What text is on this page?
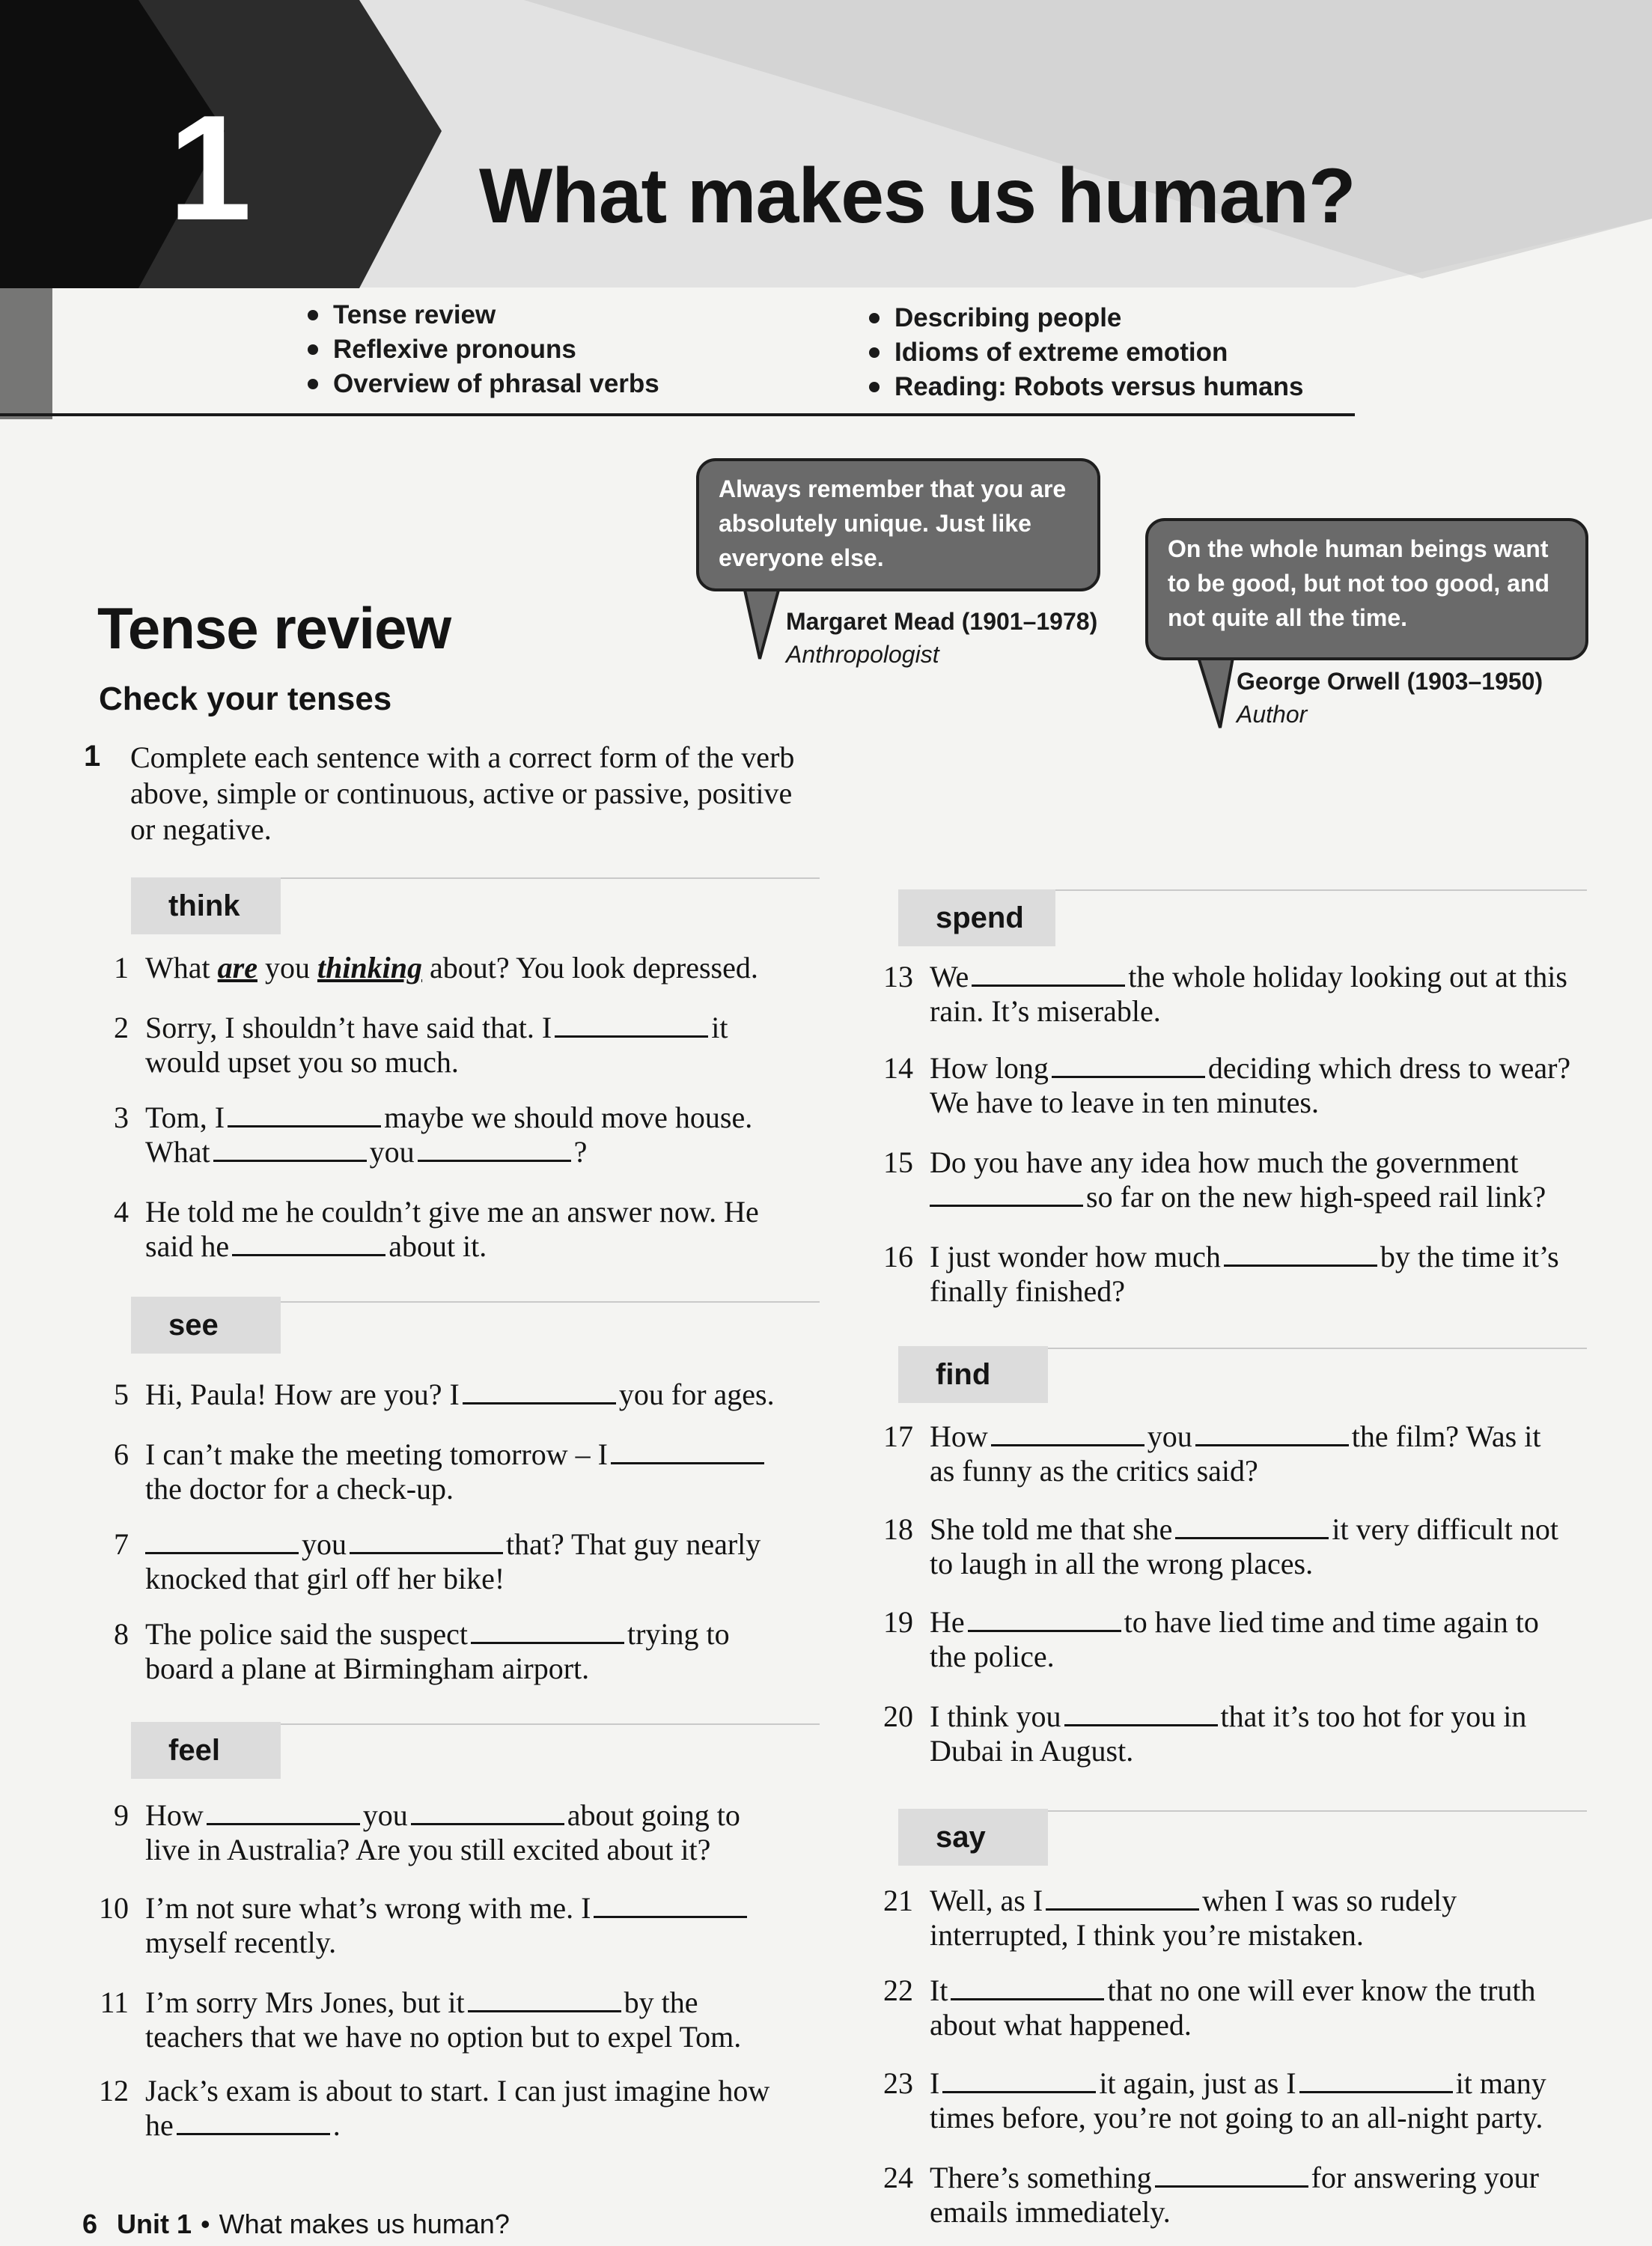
1	What makes us human?
Tense review
Reflexive pronouns
Overview of phrasal verbs
Describing people
Idioms of extreme emotion
Reading: Robots versus humans
Always remember that you are
absolutely unique. Just like
everyone else.
Margaret Mead (1901–1978)
Anthropologist
On the whole human beings want
to be good, but not too good, and
not quite all the time.
George Orwell (1903–1950)
Author
Tense review
Check your tenses
1 Complete each sentence with a correct form of the verb
above, simple or continuous, active or passive, positive
or negative.
think
see
feel
spend
find
say
1 What are you thinking about? You look depressed.
2 Sorry, I shouldn’t have said that. I	it
would upset you so much.
3 Tom, I	maybe we should move house.
What	you	?
4 He told me he couldn’t give me an answer now. He
said he	about it.
5 Hi, Paula! How are you? I	you for ages.
6 I can’t make the meeting tomorrow – I
the doctor for a check-up.
7	you	that? That guy nearly
knocked that girl off her bike!
8 The police said the suspect	trying to
board a plane at Birmingham airport.
9 How	you	about going to
live in Australia? Are you still excited about it?
10 I’m not sure what’s wrong with me. I
myself recently.
11 I’m sorry Mrs Jones, but it	by the
teachers that we have no option but to expel Tom.
12 Jack’s exam is about to start. I can just imagine how
he	.
13 We	the whole holiday looking out at this
rain. It’s miserable.
14 How long	deciding which dress to wear?
We have to leave in ten minutes.
15 Do you have any idea how much the government
so far on the new high-speed rail link?
16 I just wonder how much	by the time it’s
finally finished?
17 How	you	the film? Was it
as funny as the critics said?
18 She told me that she	it very difficult not
to laugh in all the wrong places.
19 He	to have lied time and time again to
the police.
20 I think you	that it’s too hot for you in
Dubai in August.
21 Well, as I	when I was so rudely
interrupted, I think you’re mistaken.
22 It	that no one will ever know the truth
about what happened.
23 I	it again, just as I	it many
times before, you’re not going to an all-night party.
24 There’s something	for answering your
emails immediately.
6 Unit 1 • What makes us human?
